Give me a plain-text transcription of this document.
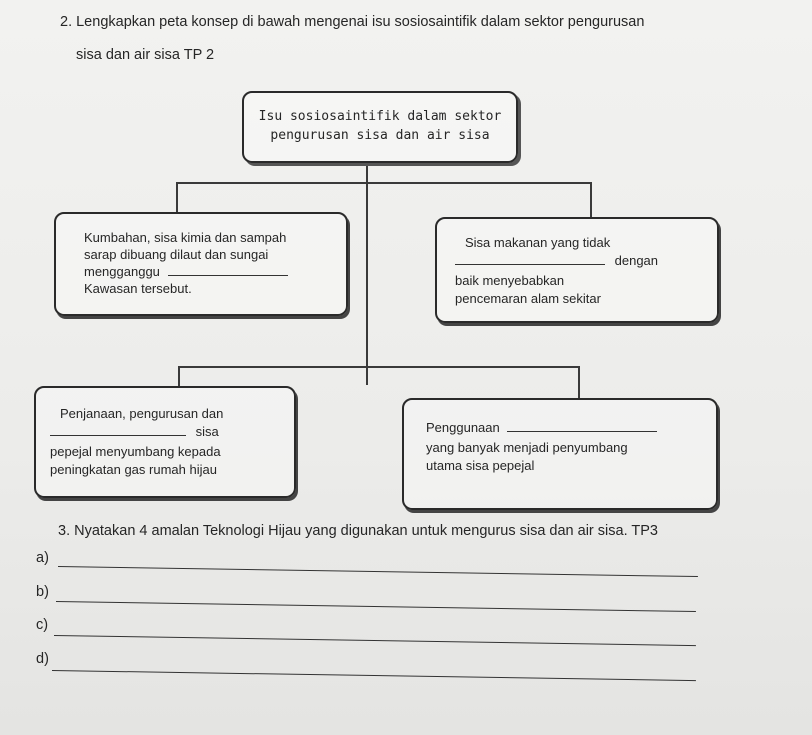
2. Lengkapkan peta konsep di bawah mengenai isu sosiosaintifik dalam sektor pengurusan
sisa dan air sisa TP 2
Isu sosiosaintifik dalam sektor
pengurusan sisa dan air sisa
Kumbahan, sisa kimia dan sampah
sarap dibuang dilaut dan sungai
mengganggu
Kawasan tersebut.
Sisa makanan yang tidak
dengan
baik menyebabkan
pencemaran alam sekitar
Penjanaan, pengurusan dan
sisa
pepejal menyumbang kepada
peningkatan gas rumah hijau
Penggunaan
yang banyak menjadi penyumbang
utama sisa pepejal
3. Nyatakan 4 amalan Teknologi Hijau yang digunakan untuk mengurus sisa dan air sisa. TP3
a)
b)
c)
d)
